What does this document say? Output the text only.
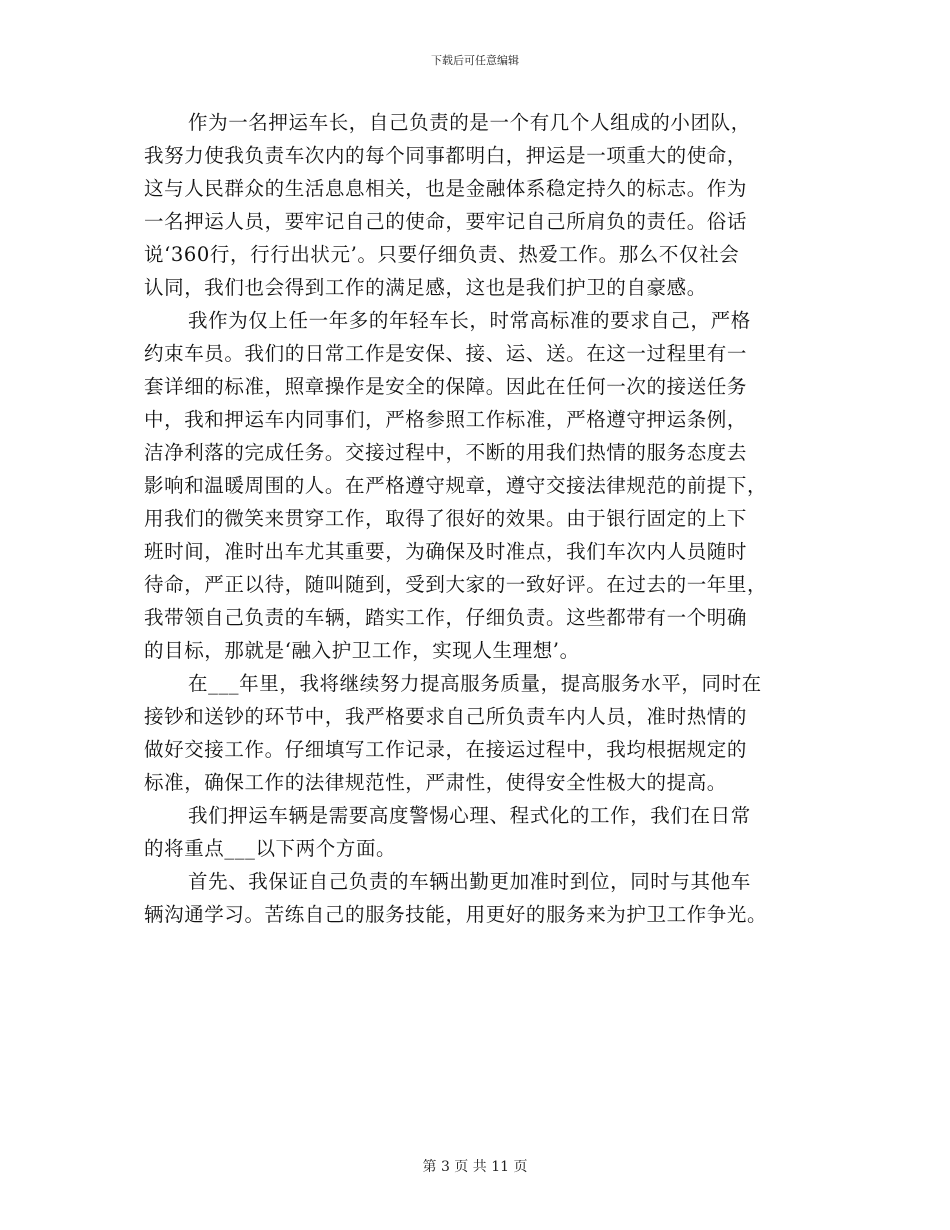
下载后可任意编辑
作为一名押运车长，自己负责的是一个有几个人组成的小团队，
我努力使我负责车次内的每个同事都明白，押运是一项重大的使命，
这与人民群众的生活息息相关，也是金融体系稳定持久的标志。作为
一名押运人员，要牢记自己的使命，要牢记自己所肩负的责任。俗话
说‘360行，行行出状元’。只要仔细负责、热爱工作。那么不仅社会
认同，我们也会得到工作的满足感，这也是我们护卫的自豪感。
我作为仅上任一年多的年轻车长，时常高标准的要求自己，严格
约束车员。我们的日常工作是安保、接、运、送。在这一过程里有一
套详细的标准，照章操作是安全的保障。因此在任何一次的接送任务
中，我和押运车内同事们，严格参照工作标准，严格遵守押运条例，
洁净利落的完成任务。交接过程中，不断的用我们热情的服务态度去
影响和温暖周围的人。在严格遵守规章，遵守交接法律规范的前提下，
用我们的微笑来贯穿工作，取得了很好的效果。由于银行固定的上下
班时间，准时出车尤其重要，为确保及时准点，我们车次内人员随时
待命，严正以待，随叫随到，受到大家的一致好评。在过去的一年里，
我带领自己负责的车辆，踏实工作，仔细负责。这些都带有一个明确
的目标，那就是‘融入护卫工作，实现人生理想’。
在___年里，我将继续努力提高服务质量，提高服务水平，同时在
接钞和送钞的环节中，我严格要求自己所负责车内人员，准时热情的
做好交接工作。仔细填写工作记录，在接运过程中，我均根据规定的
标准，确保工作的法律规范性，严肃性，使得安全性极大的提高。
我们押运车辆是需要高度警惕心理、程式化的工作，我们在日常
的将重点___以下两个方面。
首先、我保证自己负责的车辆出勤更加准时到位，同时与其他车
辆沟通学习。苦练自己的服务技能，用更好的服务来为护卫工作争光。
第 3 页 共 11 页
